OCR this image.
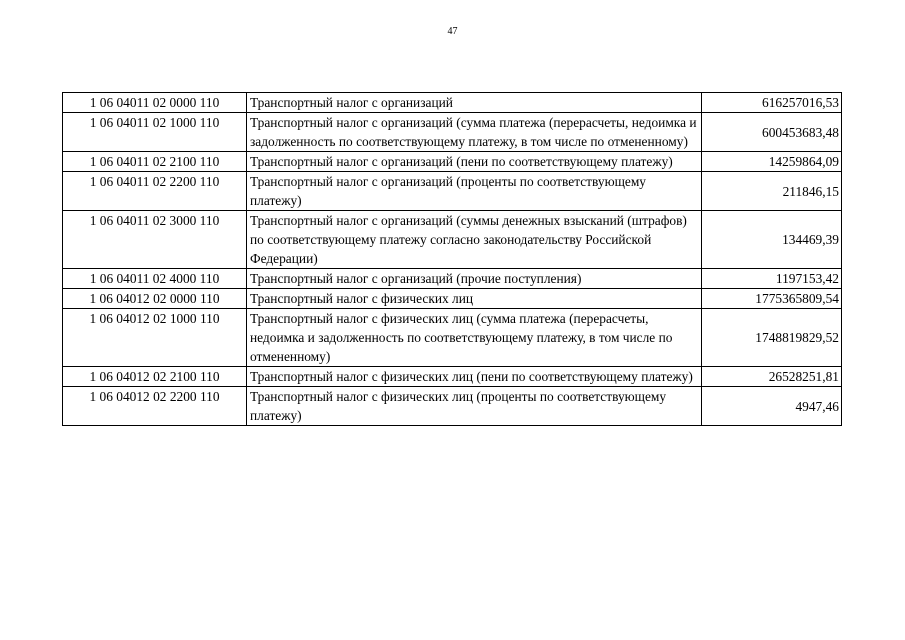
47
1 06 04011 02 0000 110	Транспортный налог с организаций	616257016,53
1 06 04011 02 1000 110	Транспортный налог с организаций (сумма платежа (перерасчеты, недоимка и задолженность по соответствующему платежу, в том числе по отмененному)	600453683,48
1 06 04011 02 2100 110	Транспортный налог с организаций (пени по соответствующему платежу)	14259864,09
1 06 04011 02 2200 110	Транспортный налог с организаций (проценты по соответствующему платежу)	211846,15
1 06 04011 02 3000 110	Транспортный налог с организаций (суммы денежных взысканий (штрафов) по соответствующему платежу согласно законодательству Российской Федерации)	134469,39
1 06 04011 02 4000 110	Транспортный налог с организаций (прочие поступления)	1197153,42
1 06 04012 02 0000 110	Транспортный налог с физических лиц	1775365809,54
1 06 04012 02 1000 110	Транспортный налог с физических лиц (сумма платежа (перерасчеты, недоимка и задолженность по соответствующему платежу, в том числе по отмененному)	1748819829,52
1 06 04012 02 2100 110	Транспортный налог с физических лиц (пени по соответствующему платежу)	26528251,81
1 06 04012 02 2200 110	Транспортный налог с физических лиц (проценты по соответствующему платежу)	4947,46
